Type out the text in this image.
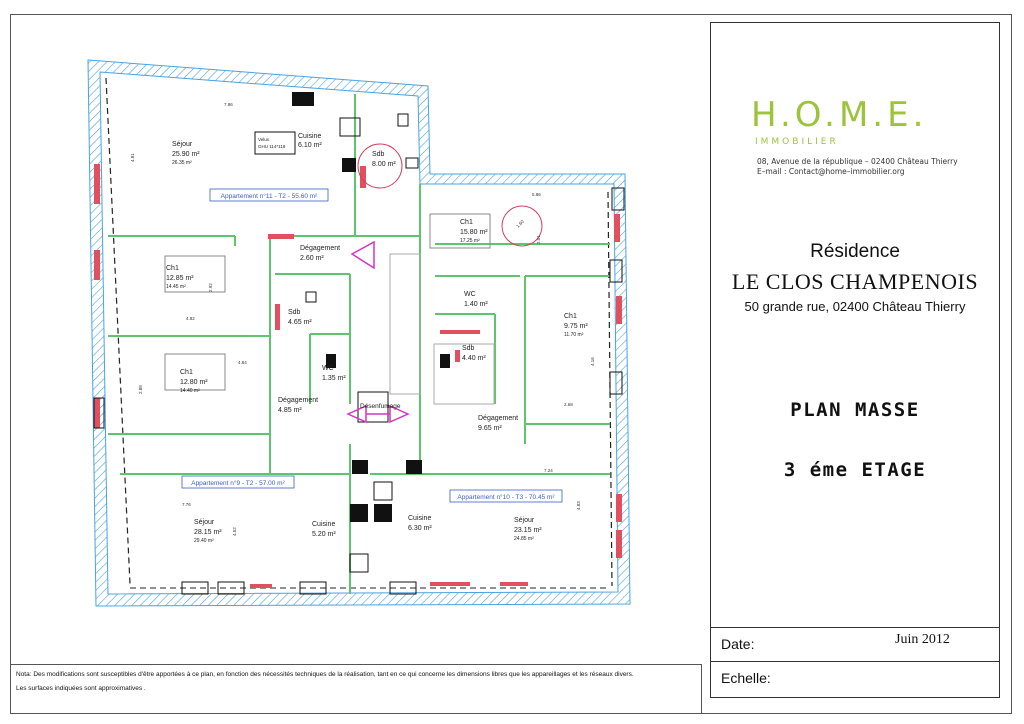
Appartement n°11 - T2 - 55.60 m²
Appartement n°9 - T2 - 57.00 m²
Appartement n°10 - T3 - 70.45 m²
Séjour
25.90 m²
26.35 m²
Cuisine
6.10 m²
Velux
GHU 114*118
Sdb
8.00 m²
Ch1
12.85 m²
14.45 m²
Dégagement
2.60 m²
Sdb
4.65 m²
Ch1
12.80 m²
14.40 m²
WC
1.35 m²
Dégagement
4.85 m²
Désenfumage
Ch1
15.80 m²
17.25 m²
WC
1.40 m²
Sdb
4.40 m²
Ch1
9.75 m²
11.70 m²
Dégagement
9.65 m²
Séjour
28.15 m²
29.40 m²
Cuisine
5.20 m²
Cuisine
6.30 m²
Séjour
23.15 m²
24.85 m²
7.86
4.81
5.86
1.60
2.01
4.82
2.92
4.84
2.88
4.16
2.68
7.24
7.76
4.52
4.83
H.O.M.E.
IMMOBILIER
08, Avenue de la république – 02400 Château Thierry
E–mail : Contact@home–immobilier.org
Résidence
LE CLOS CHAMPENOIS
50 grande rue, 02400 Château Thierry
PLAN MASSE
3 éme ETAGE
Date:	Juin 2012
Echelle:
Nota: Des modifications sont susceptibles d'être apportées à ce plan, en fonction des nécessités techniques de la réalisation, tant en ce qui concerne les dimensions libres que les appareillages et les réseaux divers.
Les surfaces indiquées sont approximatives .
